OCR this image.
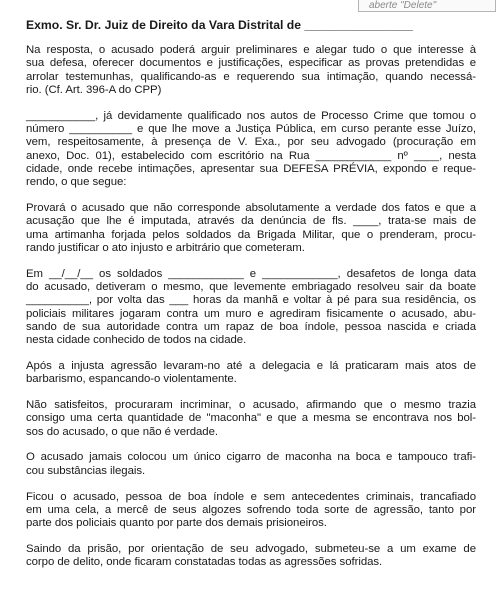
aberte "Delete"
Exmo. Sr. Dr. Juiz de Direito da Vara Distrital de ________________
Na resposta, o acusado poderá arguir preliminares e alegar tudo o que interesse à
sua defesa, oferecer documentos e justificações, especificar as provas pretendidas e
arrolar testemunhas, qualificando-as e requerendo sua intimação, quando necessá-
rio. (Cf. Art. 396-A do CPP)
___________, já devidamente qualificado nos autos de Processo Crime que tomou o
número __________ e que lhe move a Justiça Pública, em curso perante esse Juízo,
vem, respeitosamente, à presença de V. Exa., por seu advogado (procuração em
anexo, Doc. 01), estabelecido com escritório na Rua ____________ nº ____, nesta
cidade, onde recebe intimações, apresentar sua DEFESA PRÉVIA, expondo e reque-
rendo, o que segue:
Provará o acusado que não corresponde absolutamente a verdade dos fatos e que a
acusação que lhe é imputada, através da denúncia de fls. ____, trata-se mais de
uma artimanha forjada pelos soldados da Brigada Militar, que o prenderam, procu-
rando justificar o ato injusto e arbitrário que cometeram.
Em __/__/__ os soldados ____________ e ____________, desafetos de longa data
do acusado, detiveram o mesmo, que levemente embriagado resolveu sair da boate
__________, por volta das ___ horas da manhã e voltar à pé para sua residência, os
policiais militares jogaram contra um muro e agrediram fisicamente o acusado, abu-
sando de sua autoridade contra um rapaz de boa índole, pessoa nascida e criada
nesta cidade conhecido de todos na cidade.
Após a injusta agressão levaram-no até a delegacia e lá praticaram mais atos de
barbarismo, espancando-o violentamente.
Não satisfeitos, procuraram incriminar, o acusado, afirmando que o mesmo trazia
consigo uma certa quantidade de "maconha" e que a mesma se encontrava nos bol-
sos do acusado, o que não é verdade.
O acusado jamais colocou um único cigarro de maconha na boca e tampouco trafi-
cou substâncias ilegais.
Ficou o acusado, pessoa de boa índole e sem antecedentes criminais, trancafiado
em uma cela, a mercê de seus algozes sofrendo toda sorte de agressão, tanto por
parte dos policiais quanto por parte dos demais prisioneiros.
Saindo da prisão, por orientação de seu advogado, submeteu-se a um exame de
corpo de delito, onde ficaram constatadas todas as agressões sofridas.
